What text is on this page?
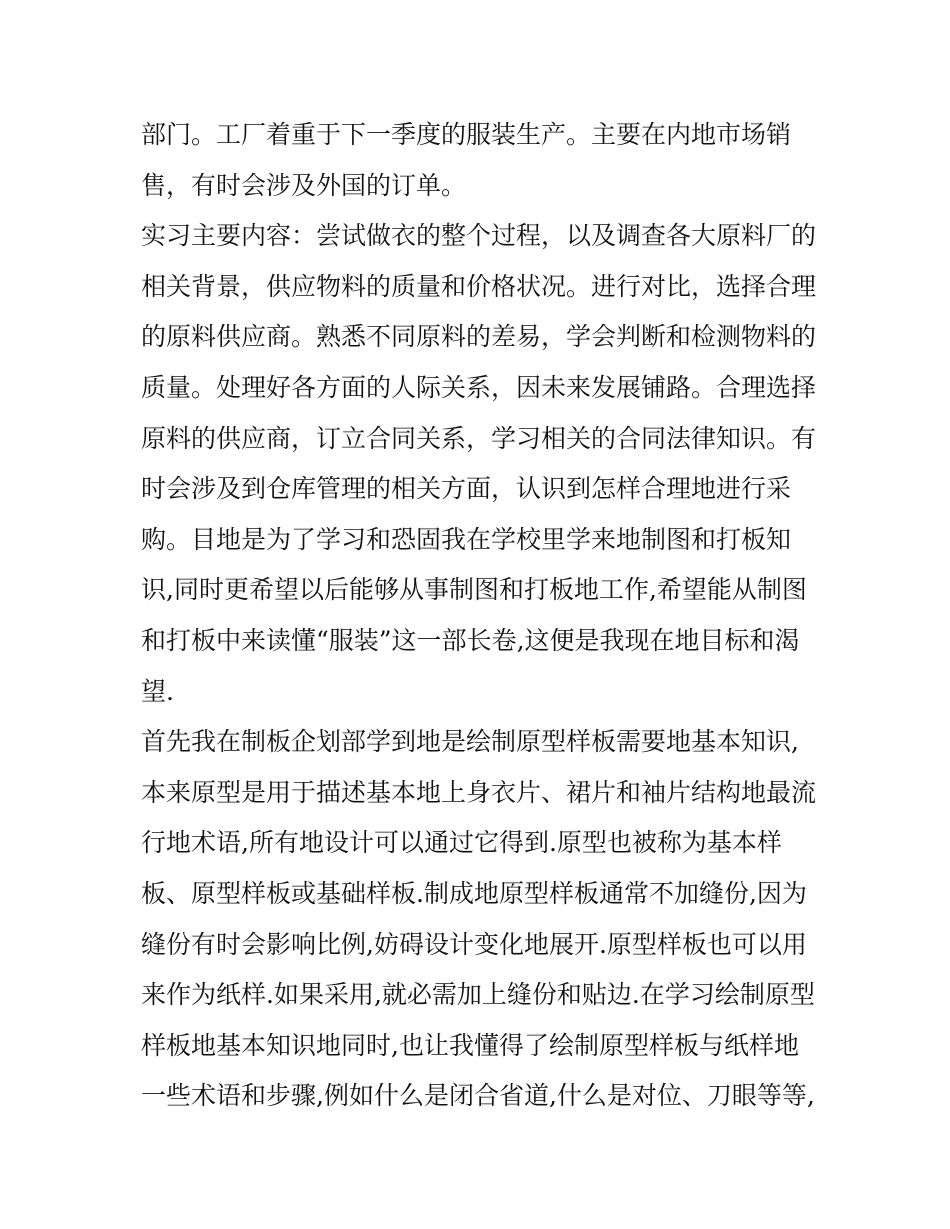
部门。工厂着重于下一季度的服装生产。主要在内地市场销
售，有时会涉及外国的订单。
实习主要内容：尝试做衣的整个过程，以及调查各大原料厂的
相关背景，供应物料的质量和价格状况。进行对比，选择合理
的原料供应商。熟悉不同原料的差易，学会判断和检测物料的
质量。处理好各方面的人际关系，因未来发展铺路。合理选择
原料的供应商，订立合同关系，学习相关的合同法律知识。有
时会涉及到仓库管理的相关方面，认识到怎样合理地进行采
购。目地是为了学习和恐固我在学校里学来地制图和打板知
识,同时更希望以后能够从事制图和打板地工作,希望能从制图
和打板中来读懂“服装”这一部长卷,这便是我现在地目标和渴
望.
首先我在制板企划部学到地是绘制原型样板需要地基本知识,
本来原型是用于描述基本地上身衣片、裙片和袖片结构地最流
行地术语,所有地设计可以通过它得到.原型也被称为基本样
板、原型样板或基础样板.制成地原型样板通常不加缝份,因为
缝份有时会影响比例,妨碍设计变化地展开.原型样板也可以用
来作为纸样.如果采用,就必需加上缝份和贴边.在学习绘制原型
样板地基本知识地同时,也让我懂得了绘制原型样板与纸样地
一些术语和步骤,例如什么是闭合省道,什么是对位、刀眼等等,
